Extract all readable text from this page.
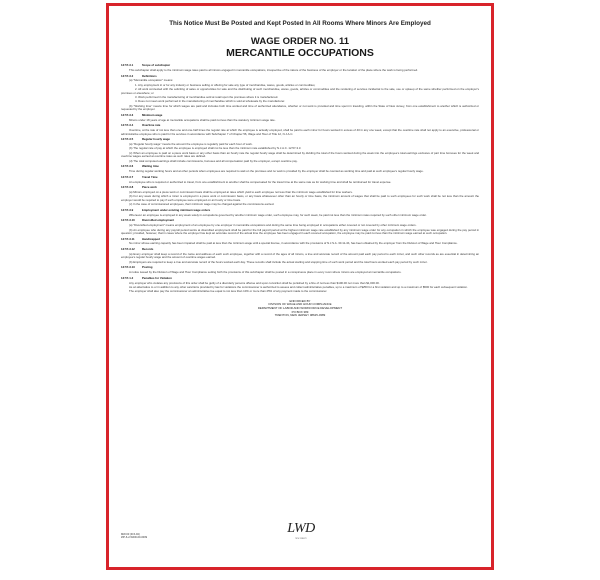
This Notice Must Be Posted and Kept Posted In All Rooms Where Minors Are Employed
WAGE ORDER NO. 11
MERCANTILE OCCUPATIONS
12:57-3.1	Scope of subchapter
This subchapter shall apply to the minimum wage rates paid to all minors engaged in mercantile occupations, irrespective of the nature of the business of the employer or the location of the place where the work is being performed.
12:57-3.2	Definitions
(a) "Mercantile occupation" means:
1. Any employment in or for any industry or business selling or offering for sale any type of merchandise, wares, goods, articles or commodities;
2. All work connected with the soliciting of sales or opportunities for sale and the distributing of such merchandise, wares, goods, articles or commodities and the rendering of services incidental to the sale, use or upkeep of the same whether performed on the employer's premises or elsewhere; or
3. Work performed in the manufacturing of merchandise sold at retail upon the premises where it is manufactured.
4. Does not mean work performed in the manufacturing of merchandise which is sold at wholesale by the manufacturer.
(b) "Working time" means time for which wages are paid and includes both time worked and time of authorized attendance, whether or not work is provided and time spent in traveling, within the State of New Jersey, from one establishment to another which is authorized or requested by the employer.
12:57-3.3	Minimum wage
Minors under 18 years of age at mercantile occupations shall be paid not less than the statutory minimum wage rate.
12:57-3.4	Overtime rate
Overtime, at the rate of not less than one and one-half times the regular rate at which the employee is actually employed, shall be paid to each minor for hours worked in excess of 40 in any one week, except that the overtime rate shall not apply to an executive, professional or administrative employee who is paid for his services in accordance with Subchapter 7 of Chapter 56, Wage and Hour of Title 12, N.J.A.C.
12:57-3.5	Regular hourly wage
(a) "Regular hourly wage" means the amount the employee is regularly paid for each hour of work.
(b) The regular rate of pay at which the employee is employed shall not be less than the minimum rate established by N.J.A.C. 12:57-3.3.
(c) When an employee is paid on a piece work basis or any other basis than an hourly rate the regular hourly wage shall be determined by dividing the total of the hours worked during the week into the employee's total earnings exclusive of part time bonuses for the week and overtime wages earned at overtime rates as such rates are defined.
(d) The total computed earnings shall include commissions, bonuses and all compensation paid by the employer, except overtime pay.
12:57-3.6	Waiting time
Time during regular working hours and at other periods when employees are required to wait on the premises and no work is provided by the employer shall be counted as working time and paid at such employee's regular hourly wage.
12:57-3.7	Travel Time
An employee who is required or authorized to travel, from one establishment to another shall be compensated for the travel time at the same rate as for working time and shall be reimbursed for travel expense.
12:57-3.8	Piece work
(a) Minors employed on a piece work or commission basis shall be employed at rates which yield to each employee not less than the minimum wage established for time workers.
(b) For any week during which a minor is employed in a piece work or commission basis, or any basis whatsoever other than an hourly or time basis, the minimum amount of wages that shall be paid to such employees for such work shall be not less than the amount the employer would be required to pay if such employee were employed on an hourly or time basis.
(c) In the case of commissioned employees, their minimum wage may be charged against the commissions earned.
12:57-3.9	Employment under existing minimum wage orders
Whenever an employee is employed in any week solely in occupations governed by another minimum wage order, such employee may, for such week, be paid not less than the minimum rates required by such other minimum wage order.
12:57-3.10	Diversified employment
(a) "Diversified employment" means employment of an employee by one employer in mercantile occupations and during the same time being employed in occupations either covered or not covered by other minimum wage orders.
(b) An employee who during any payroll period works at diversified employment shall be paid for the full payroll period at the highest minimum wage rate established by any minimum wage order for any occupation in which the employee was engaged during the pay period in question; provided, however, that in cases where the employer has kept an accurate record of the actual time the employee has been engaged in each covered occupation, the employee may be paid not less than the minimum wage earned at such occupation.
12:57-3.11	Handicapped
No minor whose earning capacity has been impaired shall be paid at less than the minimum wage until a special license, in accordance with the provisions of N.J.S.A. 34:11-4b, has been obtained by the employer from the Division of Wage and Hour Compliance.
12:57-3.12	Records
(a) Every employer shall keep a record of the name and address of each such employee, together with a record of the ages of all minors, a true and accurate record of the amount paid each pay period to each minor, and such other records as are essential in determining an employee's regular hourly wage and the amount of overtime wages earned.
(b) Employers are required to keep a true and accurate record of the hours worked each day. These records shall include the actual starting and stopping time of such work period and the total hours worked each pay period by such minor.
12:57-3.13	Posting
A notice issued by the Division of Wage and Hour Compliance setting forth the provisions of this subchapter shall be posted in a conspicuous place in every room where minors are employed at mercantile occupations.
12:57-1.2	Penalties for Violation
Any employer who violates any provisions of this order shall be guilty of a disorderly persons offense and upon conviction shall be punished by a fine of not less than $100.00 nor more than $1,000.00.
As an alternative to or in addition to any other sanctions provided by law for violations the commissioner is authorized to assess and collect administrative penalties, up to a maximum of $250 for a first violation and up to a maximum of $500 for each subsequent violation.
The employer shall also pay the commissioner an administrative fee equal to not less than 10% or more than 25% of any payment made to the commissioner.
ENFORCED BY
DIVISION OF WAGE AND HOUR COMPLIANCE
DEPARTMENT OF LABOR AND WORKFORCE DEVELOPMENT
PO BOX 389
TRENTON, NEW JERSEY 08625-0389
LWD
NEW JERSEY
MW-63 (R-5-94)
ZIP-6-2-WDD-00-0009
